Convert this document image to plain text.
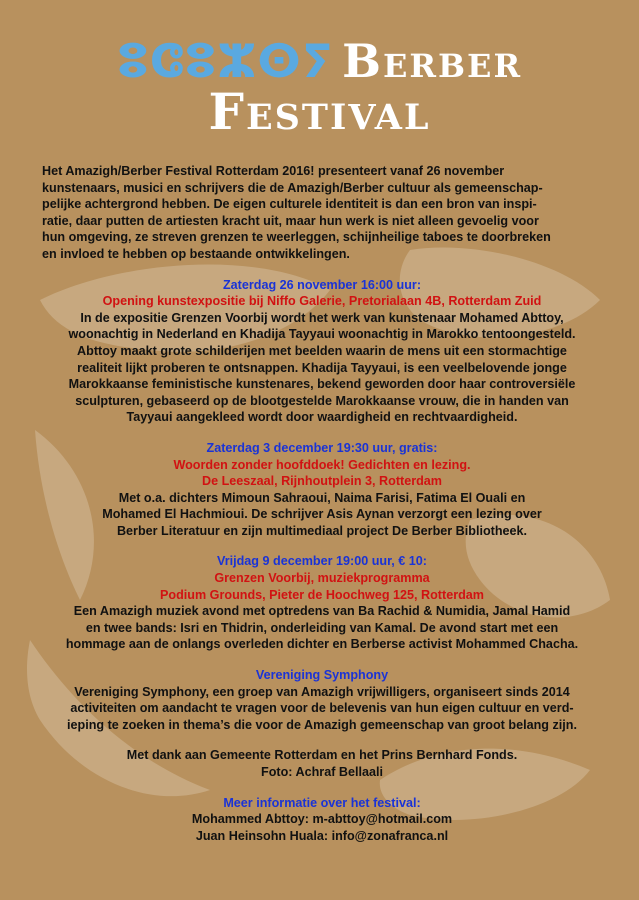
ⵓⵛⵓⵣⵙⵢ Berber
Festival

Het Amazigh/Berber Festival Rotterdam 2016! presenteert vanaf 26 november

kunstenaars, musici en schrijvers die de Amazigh/Berber cultuur als gemeenschap-

pelijke achtergrond hebben. De eigen culturele identiteit is dan een bron van inspi-

ratie, daar putten de artiesten kracht uit, maar hun werk is niet alleen gevoelig voor

hun omgeving, ze streven grenzen te weerleggen, schijnheilige taboes te doorbreken

en invloed te hebben op bestaande ontwikkelingen.

Zaterdag 26 november 16:00 uur:
Opening kunstexpositie bij Niffo Galerie, Pretorialaan 4B, Rotterdam Zuid
In de expositie Grenzen Voorbij wordt het werk van kunstenaar Mohamed Abttoy,
woonachtig in Nederland en Khadija Tayyaui woonachtig in Marokko tentoongesteld.
Abttoy maakt grote schilderijen met beelden waarin de mens uit een stormachtige
realiteit lijkt proberen te ontsnappen. Khadija Tayyaui, is een veelbelovende jonge
Marokkaanse feministische kunstenares, bekend geworden door haar controversiële
sculpturen, gebaseerd op de blootgestelde Marokkaanse vrouw, die in handen van
Tayyaui aangekleed wordt door waardigheid en rechtvaardigheid.
Zaterdag 3 december 19:30 uur, gratis:
Woorden zonder hoofddoek! Gedichten en lezing.
De Leeszaal, Rijnhoutplein 3, Rotterdam
Met o.a. dichters Mimoun Sahraoui, Naima Farisi, Fatima El Ouali en
Mohamed El Hachmioui. De schrijver Asis Aynan verzorgt een lezing over
Berber Literatuur en zijn multimediaal project De Berber Bibliotheek.
Vrijdag 9 december 19:00 uur, € 10:
Grenzen Voorbij, muziekprogramma
Podium Grounds, Pieter de Hoochweg 125, Rotterdam
Een Amazigh muziek avond met optredens van Ba Rachid & Numidia, Jamal Hamid
en twee bands: Isri en Thidrin, onderleiding van Kamal. De avond start met een
hommage aan de onlangs overleden dichter en Berberse activist Mohammed Chacha.
Vereniging Symphony
Vereniging Symphony, een groep van Amazigh vrijwilligers, organiseert sinds 2014
activiteiten om aandacht te vragen voor de belevenis van hun eigen cultuur en verd-
ieping te zoeken in thema’s die voor de Amazigh gemeenschap van groot belang zijn.
Met dank aan Gemeente Rotterdam en het Prins Bernhard Fonds.
Foto: Achraf Bellaali
Meer informatie over het festival:
Mohammed Abttoy: m-abttoy@hotmail.com
Juan Heinsohn Huala: info@zonafranca.nl
